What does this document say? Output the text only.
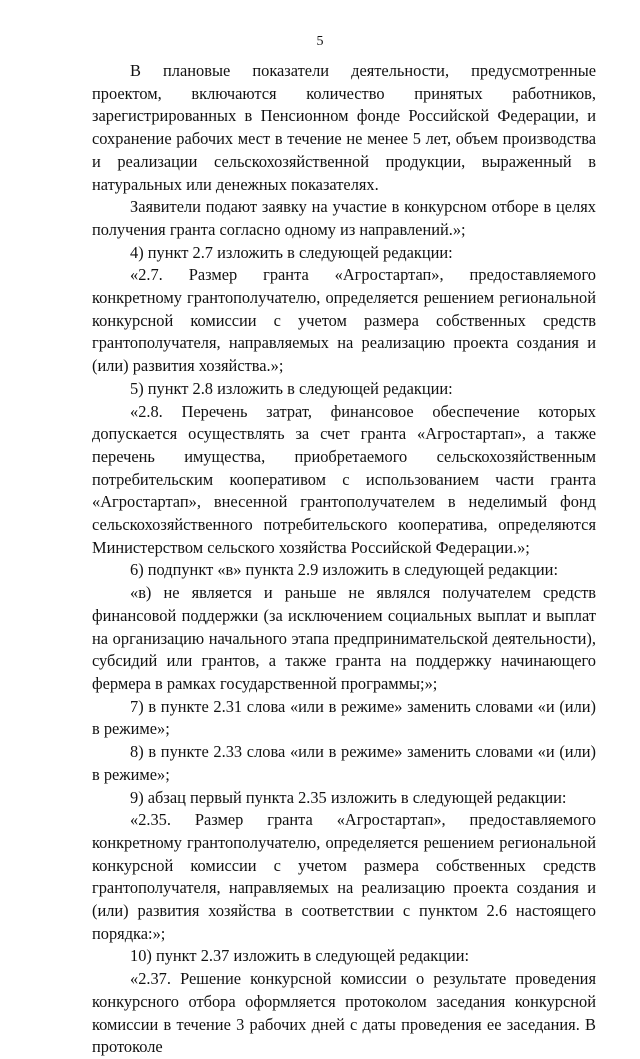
5

В плановые показатели деятельности, предусмотренные проектом, включаются количество принятых работников, зарегистрированных в Пенсионном фонде Российской Федерации, и сохранение рабочих мест в течение не менее 5 лет, объем производства и реализации сельскохозяйственной продукции, выраженный в натуральных или денежных показателях.

Заявители подают заявку на участие в конкурсном отборе в целях получения гранта согласно одному из направлений.»;

4) пункт 2.7 изложить в следующей редакции:

«2.7. Размер гранта «Агростартап», предоставляемого конкретному грантополучателю, определяется решением региональной конкурсной комиссии с учетом размера собственных средств грантополучателя, направляемых на реализацию проекта создания и (или) развития хозяйства.»;

5) пункт 2.8 изложить в следующей редакции:

«2.8. Перечень затрат, финансовое обеспечение которых допускается осуществлять за счет гранта «Агростартап», а также перечень имущества, приобретаемого сельскохозяйственным потребительским кооперативом с использованием части гранта «Агростартап», внесенной грантополучателем в неделимый фонд сельскохозяйственного потребительского кооператива, определяются Министерством сельского хозяйства Российской Федерации.»;

6) подпункт «в» пункта 2.9 изложить в следующей редакции:

«в) не является и раньше не являлся получателем средств финансовой поддержки (за исключением социальных выплат и выплат на организацию начального этапа предпринимательской деятельности), субсидий или грантов, а также гранта на поддержку начинающего фермера в рамках государственной программы;»;

7) в пункте 2.31 слова «или в режиме» заменить словами «и (или) в режиме»;

8) в пункте 2.33 слова «или в режиме» заменить словами «и (или) в режиме»;

9) абзац первый пункта 2.35 изложить в следующей редакции:

«2.35. Размер гранта «Агростартап», предоставляемого конкретному грантополучателю, определяется решением региональной конкурсной комиссии с учетом размера собственных средств грантополучателя, направляемых на реализацию проекта создания и (или) развития хозяйства в соответствии с пунктом 2.6 настоящего порядка:»;

10) пункт 2.37 изложить в следующей редакции:

«2.37. Решение конкурсной комиссии о результате проведения конкурсного отбора оформляется протоколом заседания конкурсной комиссии в течение 3 рабочих дней с даты проведения ее заседания. В протоколе
